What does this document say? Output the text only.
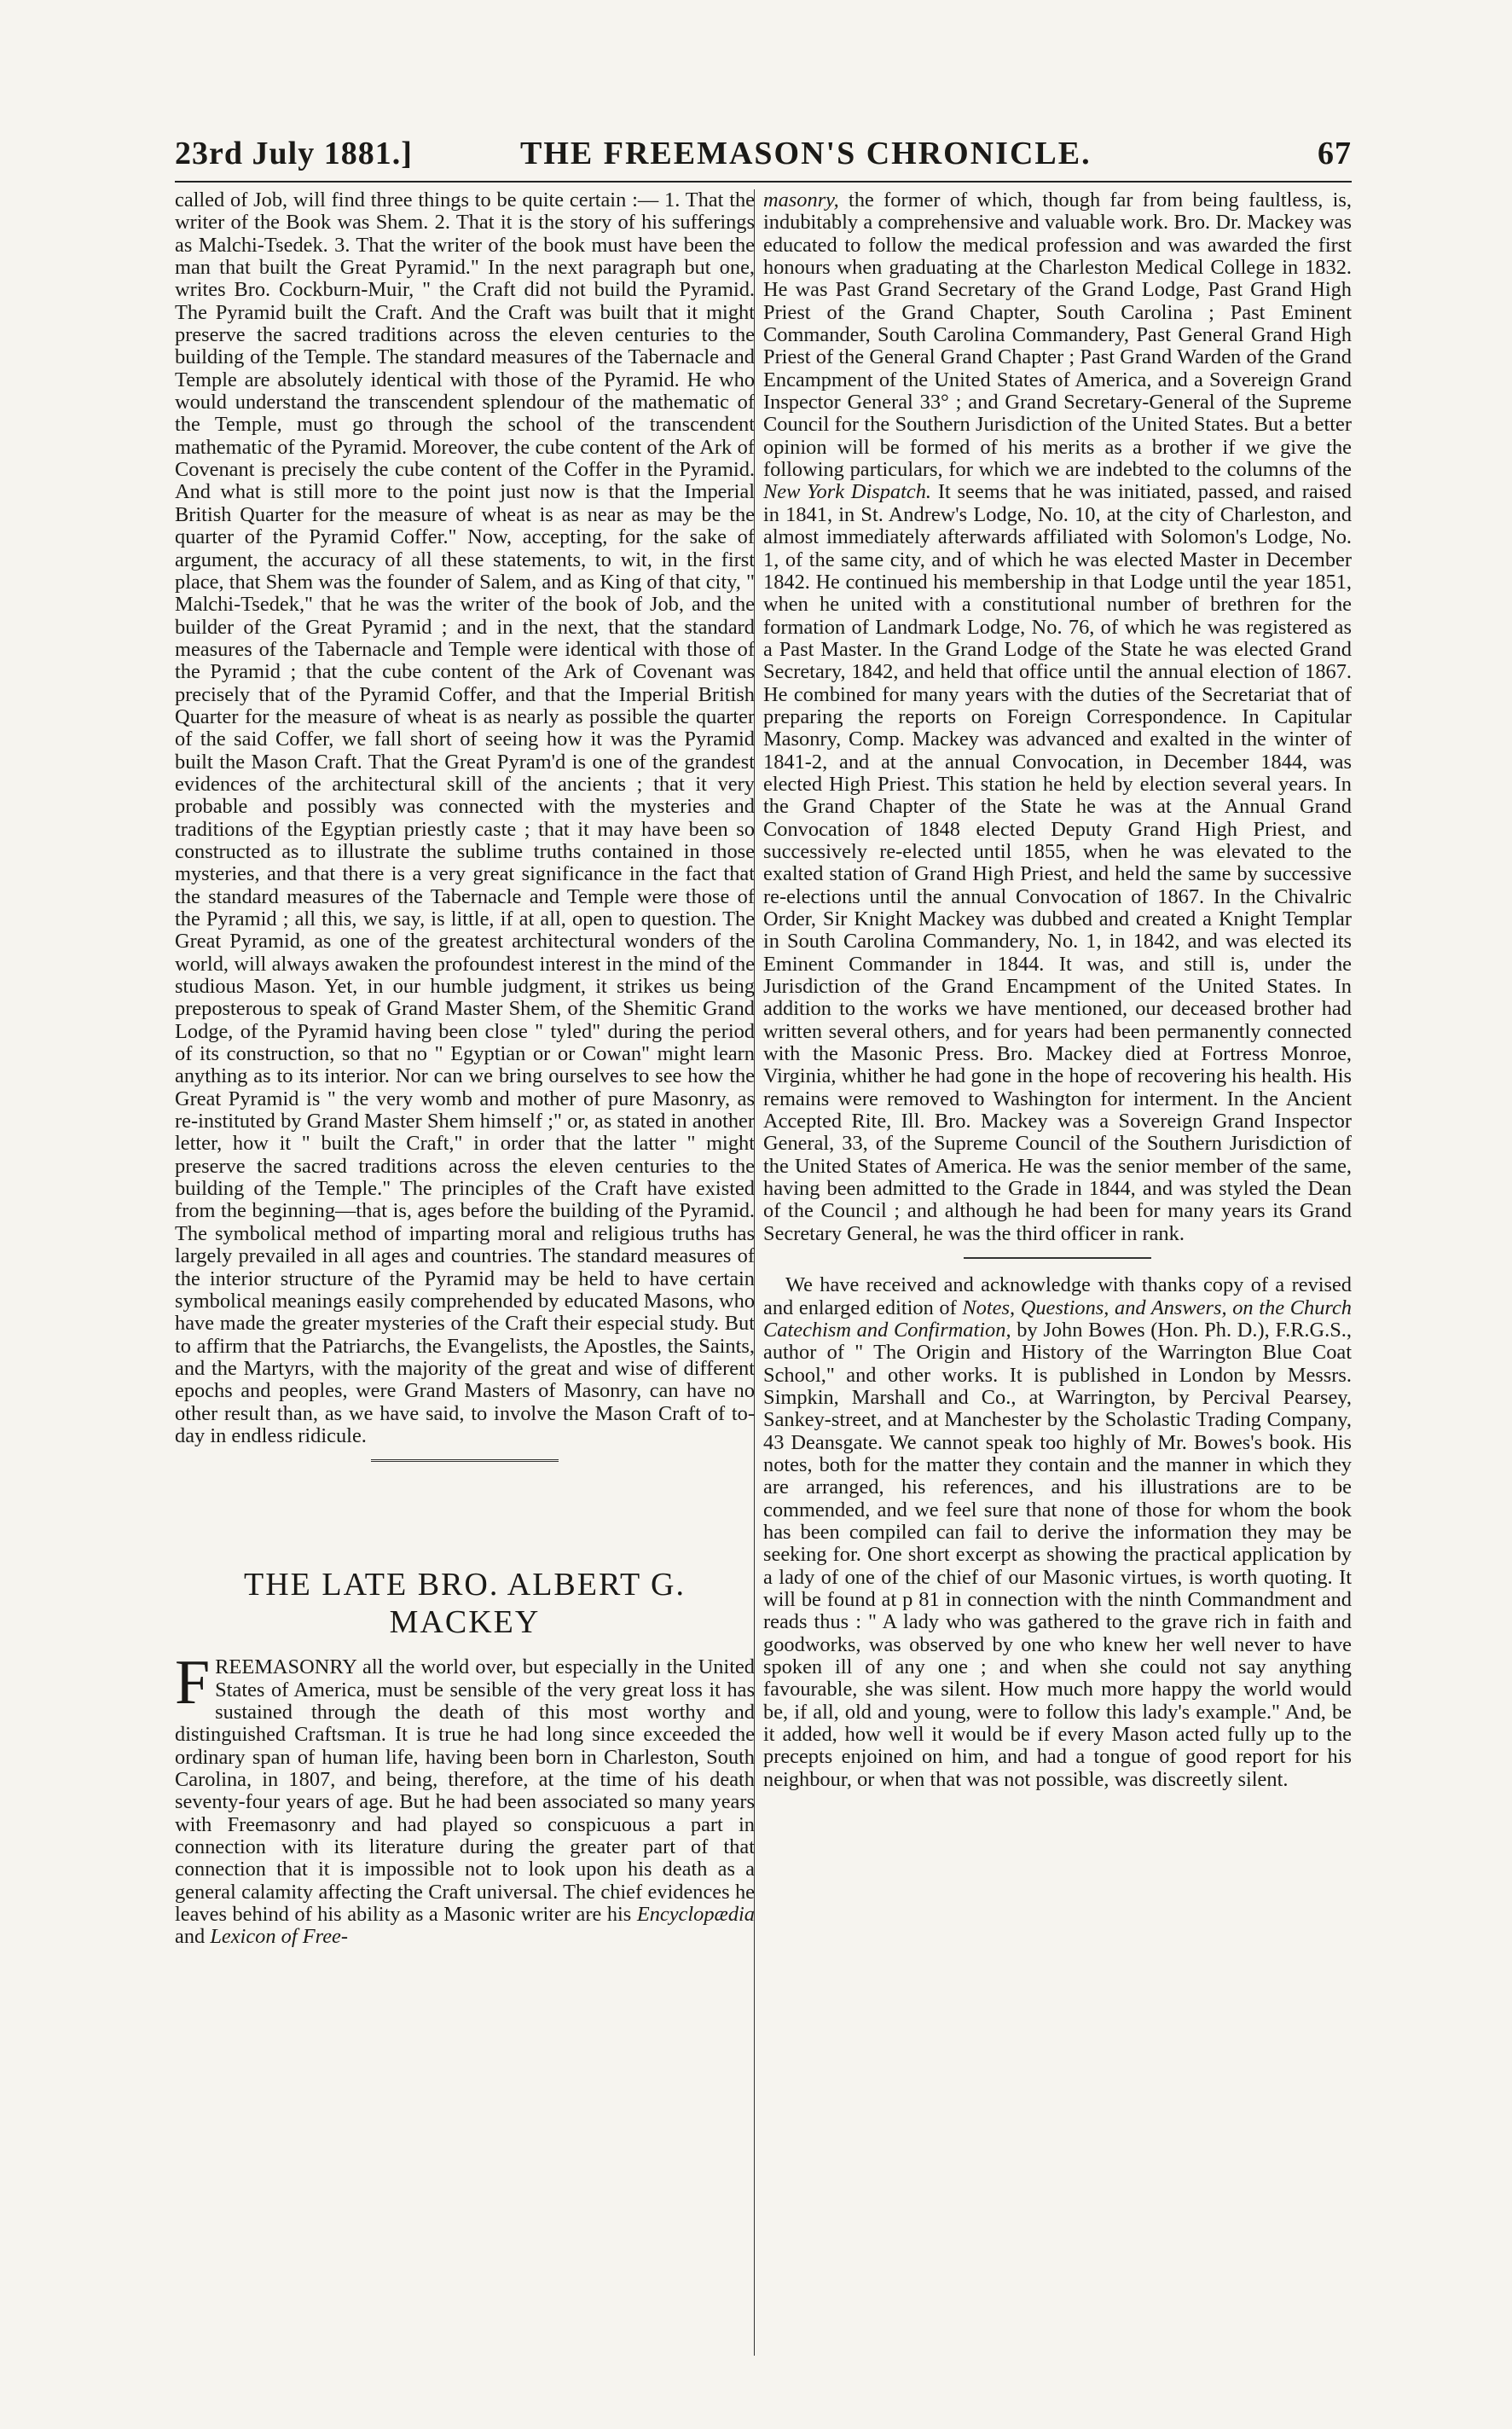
23rd July 1881.]	THE FREEMASON'S CHRONICLE.	67

called of Job, will find three things to be quite certain :— 1. That the writer of the Book was Shem. 2. That it is the story of his sufferings as Malchi-Tsedek. 3. That the writer of the book must have been the man that built the Great Pyramid." In the next paragraph but one, writes Bro. Cockburn-Muir, " the Craft did not build the Pyramid. The Pyramid built the Craft. And the Craft was built that it might preserve the sacred traditions across the eleven centuries to the building of the Temple. The standard measures of the Tabernacle and Temple are absolutely identical with those of the Pyramid. He who would understand the transcendent splendour of the mathematic of the Temple, must go through the school of the transcendent mathematic of the Pyramid. Moreover, the cube content of the Ark of Covenant is precisely the cube content of the Coffer in the Pyramid. And what is still more to the point just now is that the Imperial British Quarter for the measure of wheat is as near as may be the quarter of the Pyramid Coffer." Now, accepting, for the sake of argument, the accuracy of all these statements, to wit, in the first place, that Shem was the founder of Salem, and as King of that city, " Malchi-Tsedek," that he was the writer of the book of Job, and the builder of the Great Pyramid ; and in the next, that the standard measures of the Tabernacle and Temple were identical with those of the Pyramid ; that the cube content of the Ark of Covenant was precisely that of the Pyramid Coffer, and that the Imperial British Quarter for the measure of wheat is as nearly as possible the quarter of the said Coffer, we fall short of seeing how it was the Pyramid built the Mason Craft. That the Great Pyram'd is one of the grandest evidences of the architectural skill of the ancients ; that it very probable and possibly was connected with the mysteries and traditions of the Egyptian priestly caste ; that it may have been so constructed as to illustrate the sublime truths contained in those mysteries, and that there is a very great significance in the fact that the standard measures of the Tabernacle and Temple were those of the Pyramid ; all this, we say, is little, if at all, open to question. The Great Pyramid, as one of the greatest architectural wonders of the world, will always awaken the profoundest interest in the mind of the studious Mason. Yet, in our humble judgment, it strikes us being preposterous to speak of Grand Master Shem, of the Shemitic Grand Lodge, of the Pyramid having been close " tyled" during the period of its construction, so that no " Egyptian or or Cowan" might learn anything as to its interior. Nor can we bring ourselves to see how the Great Pyramid is " the very womb and mother of pure Masonry, as re-instituted by Grand Master Shem himself ;" or, as stated in another letter, how it " built the Craft," in order that the latter " might preserve the sacred traditions across the eleven centuries to the building of the Temple." The principles of the Craft have existed from the beginning—that is, ages before the building of the Pyramid. The symbolical method of imparting moral and religious truths has largely prevailed in all ages and countries. The standard measures of the interior structure of the Pyramid may be held to have certain symbolical meanings easily comprehended by educated Masons, who have made the greater mysteries of the Craft their especial study. But to affirm that the Patriarchs, the Evangelists, the Apostles, the Saints, and the Martyrs, with the majority of the great and wise of different epochs and peoples, were Grand Masters of Masonry, can have no other result than, as we have said, to involve the Mason Craft of to-day in endless ridicule.

THE LATE BRO. ALBERT G. MACKEY

FREEMASONRY all the world over, but especially in the United States of America, must be sensible of the very great loss it has sustained through the death of this most worthy and distinguished Craftsman. It is true he had long since exceeded the ordinary span of human life, having been born in Charleston, South Carolina, in 1807, and being, therefore, at the time of his death seventy-four years of age. But he had been associated so many years with Freemasonry and had played so conspicuous a part in connection with its literature during the greater part of that connection that it is impossible not to look upon his death as a general calamity affecting the Craft universal. The chief evidences he leaves behind of his ability as a Masonic writer are his Encyclopædia and Lexicon of Free-

masonry, the former of which, though far from being faultless, is, indubitably a comprehensive and valuable work. Bro. Dr. Mackey was educated to follow the medical profession and was awarded the first honours when graduating at the Charleston Medical College in 1832. He was Past Grand Secretary of the Grand Lodge, Past Grand High Priest of the Grand Chapter, South Carolina ; Past Eminent Commander, South Carolina Commandery, Past General Grand High Priest of the General Grand Chapter ; Past Grand Warden of the Grand Encampment of the United States of America, and a Sovereign Grand Inspector General 33° ; and Grand Secretary-General of the Supreme Council for the Southern Jurisdiction of the United States. But a better opinion will be formed of his merits as a brother if we give the following particulars, for which we are indebted to the columns of the New York Dispatch. It seems that he was initiated, passed, and raised in 1841, in St. Andrew's Lodge, No. 10, at the city of Charleston, and almost immediately afterwards affiliated with Solomon's Lodge, No. 1, of the same city, and of which he was elected Master in December 1842. He continued his membership in that Lodge until the year 1851, when he united with a constitutional number of brethren for the formation of Landmark Lodge, No. 76, of which he was registered as a Past Master. In the Grand Lodge of the State he was elected Grand Secretary, 1842, and held that office until the annual election of 1867. He combined for many years with the duties of the Secretariat that of preparing the reports on Foreign Correspondence. In Capitular Masonry, Comp. Mackey was advanced and exalted in the winter of 1841-2, and at the annual Convocation, in December 1844, was elected High Priest. This station he held by election several years. In the Grand Chapter of the State he was at the Annual Grand Convocation of 1848 elected Deputy Grand High Priest, and successively re-elected until 1855, when he was elevated to the exalted station of Grand High Priest, and held the same by successive re-elections until the annual Convocation of 1867. In the Chivalric Order, Sir Knight Mackey was dubbed and created a Knight Templar in South Carolina Commandery, No. 1, in 1842, and was elected its Eminent Commander in 1844. It was, and still is, under the Jurisdiction of the Grand Encampment of the United States. In addition to the works we have mentioned, our deceased brother had written several others, and for years had been permanently connected with the Masonic Press. Bro. Mackey died at Fortress Monroe, Virginia, whither he had gone in the hope of recovering his health. His remains were removed to Washington for interment. In the Ancient Accepted Rite, Ill. Bro. Mackey was a Sovereign Grand Inspector General, 33, of the Supreme Council of the Southern Jurisdiction of the United States of America. He was the senior member of the same, having been admitted to the Grade in 1844, and was styled the Dean of the Council ; and although he had been for many years its Grand Secretary General, he was the third officer in rank.

We have received and acknowledge with thanks copy of a revised and enlarged edition of Notes, Questions, and Answers, on the Church Catechism and Confirmation, by John Bowes (Hon. Ph. D.), F.R.G.S., author of " The Origin and History of the Warrington Blue Coat School," and other works. It is published in London by Messrs. Simpkin, Marshall and Co., at Warrington, by Percival Pearsey, Sankey-street, and at Manchester by the Scholastic Trading Company, 43 Deansgate. We cannot speak too highly of Mr. Bowes's book. His notes, both for the matter they contain and the manner in which they are arranged, his references, and his illustrations are to be commended, and we feel sure that none of those for whom the book has been compiled can fail to derive the information they may be seeking for. One short excerpt as showing the practical application by a lady of one of the chief of our Masonic virtues, is worth quoting. It will be found at p 81 in connection with the ninth Commandment and reads thus : " A lady who was gathered to the grave rich in faith and goodworks, was observed by one who knew her well never to have spoken ill of any one ; and when she could not say anything favourable, she was silent. How much more happy the world would be, if all, old and young, were to follow this lady's example." And, be it added, how well it would be if every Mason acted fully up to the precepts enjoined on him, and had a tongue of good report for his neighbour, or when that was not possible, was discreetly silent.
